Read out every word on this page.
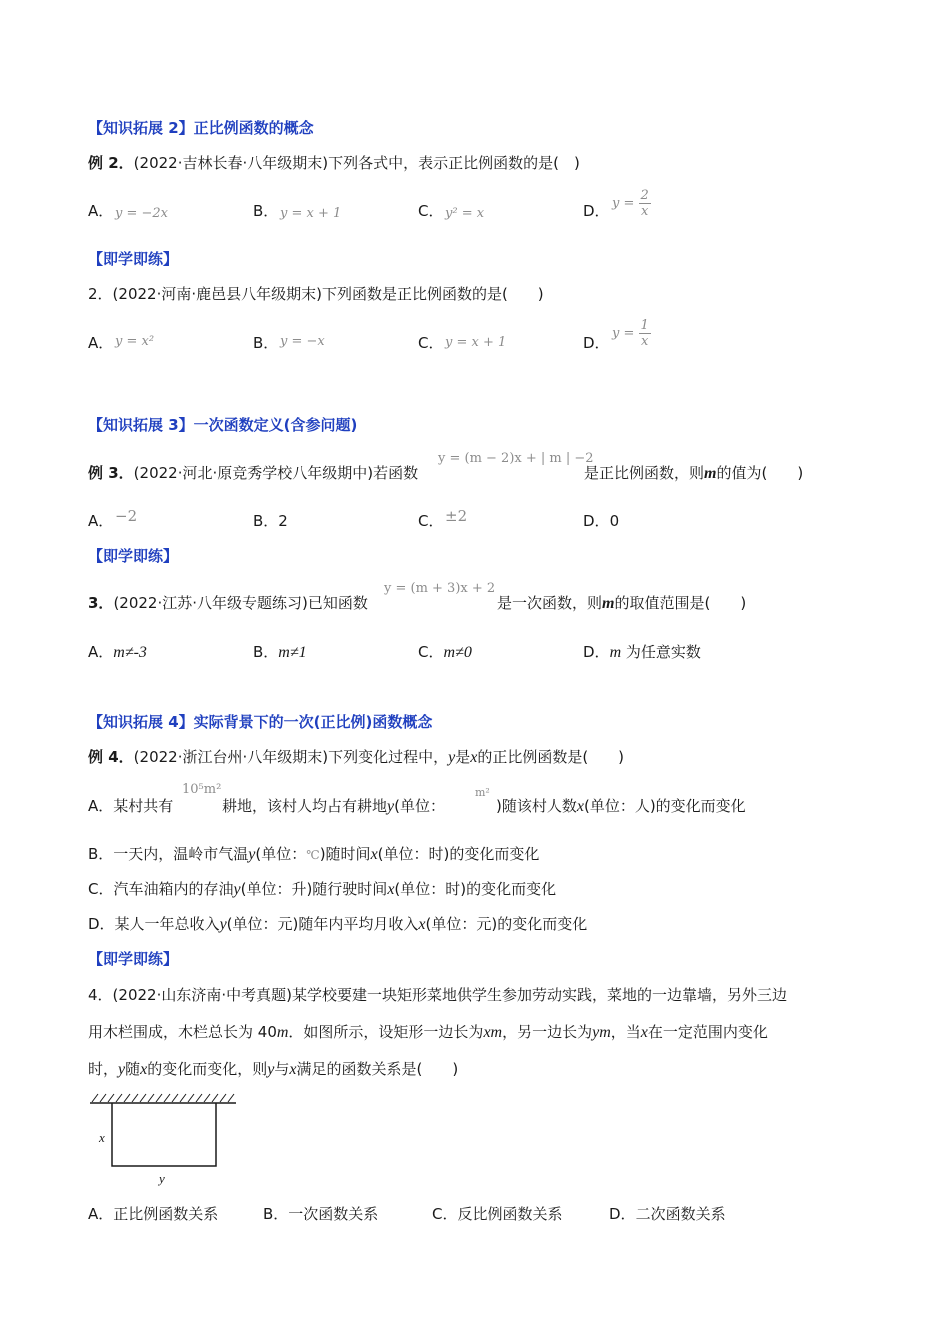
【知识拓展 2】正比例函数的概念
例 2．(2022·吉林长春·八年级期末)下列各式中，表示正比例函数的是(　)
A． y = −2x	B． y = x + 1	C． y² = x	D． $y = \frac{2}{x}$
【即学即练】
2．(2022·河南·鹿邑县八年级期末)下列函数是正比例函数的是(　　)
A． y = x²	B． y = −x	C． y = x + 1	D．
$y = \frac{1}{x}$
【知识拓展 3】一次函数定义(含参问题)
例 3．(2022·河北·原竞秀学校八年级期中)若函数
y = (m − 2)x + | m | −2
是正比例函数，则m的值为(　　)
A． −2	B．2	C． ±2	D．0
【即学即练】
3．(2022·江苏·八年级专题练习)已知函数
y = (m + 3)x + 2
是一次函数，则m的取值范围是(　　)
A．m≠-3	B．m≠1	C．m≠0	D．m 为任意实数
【知识拓展 4】实际背景下的一次(正比例)函数概念
例 4．(2022·浙江台州·八年级期末)下列变化过程中，y是x的正比例函数是(　　)
A．某村共有
10⁵m²
耕地，该村人均占有耕地y(单位：
m²
)随该村人数x(单位：人)的变化而变化
B．一天内，温岭市气温y(单位：℃)随时间x(单位：时)的变化而变化
C．汽车油箱内的存油y(单位：升)随行驶时间x(单位：时)的变化而变化
D．某人一年总收入y(单位：元)随年内平均月收入x(单位：元)的变化而变化
【即学即练】
4．(2022·山东济南·中考真题)某学校要建一块矩形菜地供学生参加劳动实践，菜地的一边靠墙，另外三边
用木栏围成，木栏总长为 40m．如图所示，设矩形一边长为xm，另一边长为ym，当x在一定范围内变化
时，y随x的变化而变化，则y与x满足的函数关系是(　　)
x
y
A．正比例函数关系	B．一次函数关系	C．反比例函数关系	D．二次函数关系
